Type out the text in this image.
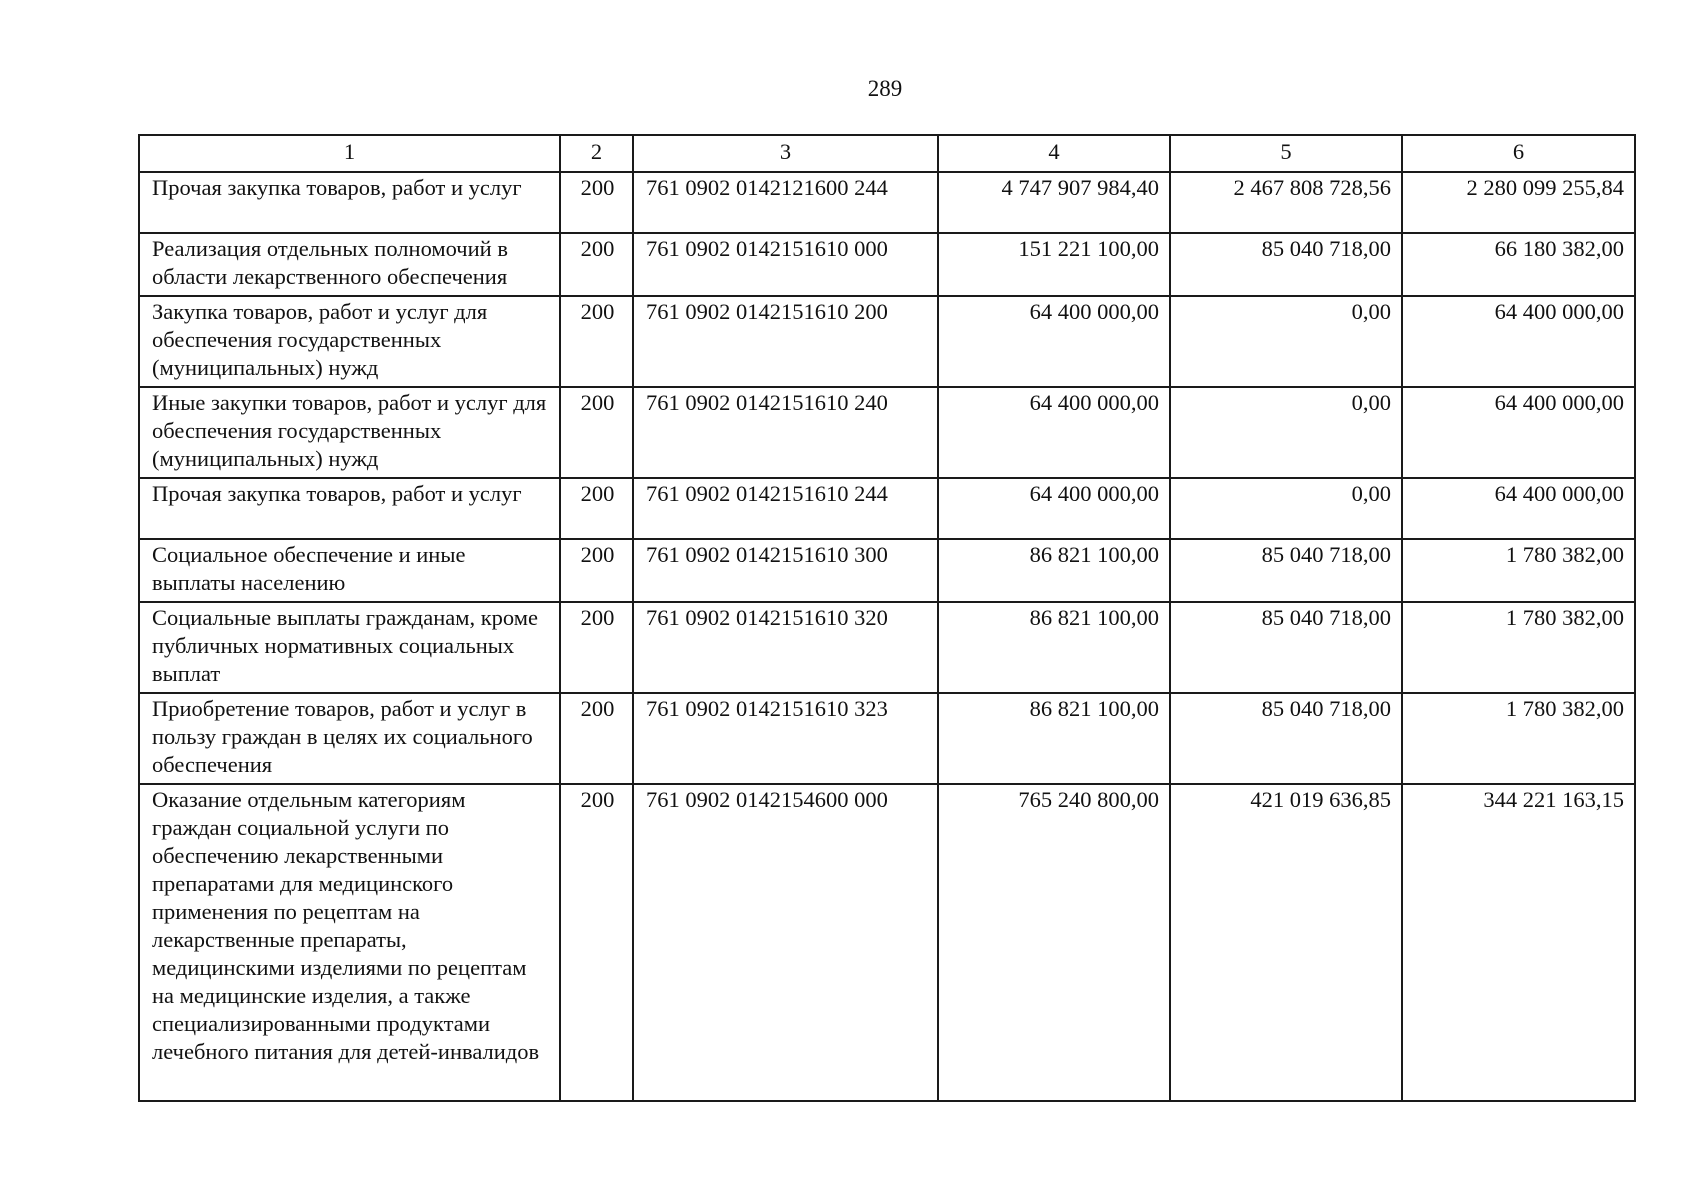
289
1	2	3	4	5	6
Прочая закупка товаров, работ и услуг	200	761 0902 0142121600 244	4 747 907 984,40	2 467 808 728,56	2 280 099 255,84
Реализация отдельных полномочий в области лекарственного обеспечения	200	761 0902 0142151610 000	151 221 100,00	85 040 718,00	66 180 382,00
Закупка товаров, работ и услуг для обеспечения государственных (муниципальных) нужд	200	761 0902 0142151610 200	64 400 000,00	0,00	64 400 000,00
Иные закупки товаров, работ и услуг для обеспечения государственных (муниципальных) нужд	200	761 0902 0142151610 240	64 400 000,00	0,00	64 400 000,00
Прочая закупка товаров, работ и услуг	200	761 0902 0142151610 244	64 400 000,00	0,00	64 400 000,00
Социальное обеспечение и иные выплаты населению	200	761 0902 0142151610 300	86 821 100,00	85 040 718,00	1 780 382,00
Социальные выплаты гражданам, кроме публичных нормативных социальных выплат	200	761 0902 0142151610 320	86 821 100,00	85 040 718,00	1 780 382,00
Приобретение товаров, работ и услуг в пользу граждан в целях их социального обеспечения	200	761 0902 0142151610 323	86 821 100,00	85 040 718,00	1 780 382,00
Оказание отдельным категориям граждан социальной услуги по обеспечению лекарственными препаратами для медицинского применения по рецептам на лекарственные препараты, медицинскими изделиями по рецептам на медицинские изделия, а также специализированными продуктами лечебного питания для детей-инвалидов	200	761 0902 0142154600 000	765 240 800,00	421 019 636,85	344 221 163,15
